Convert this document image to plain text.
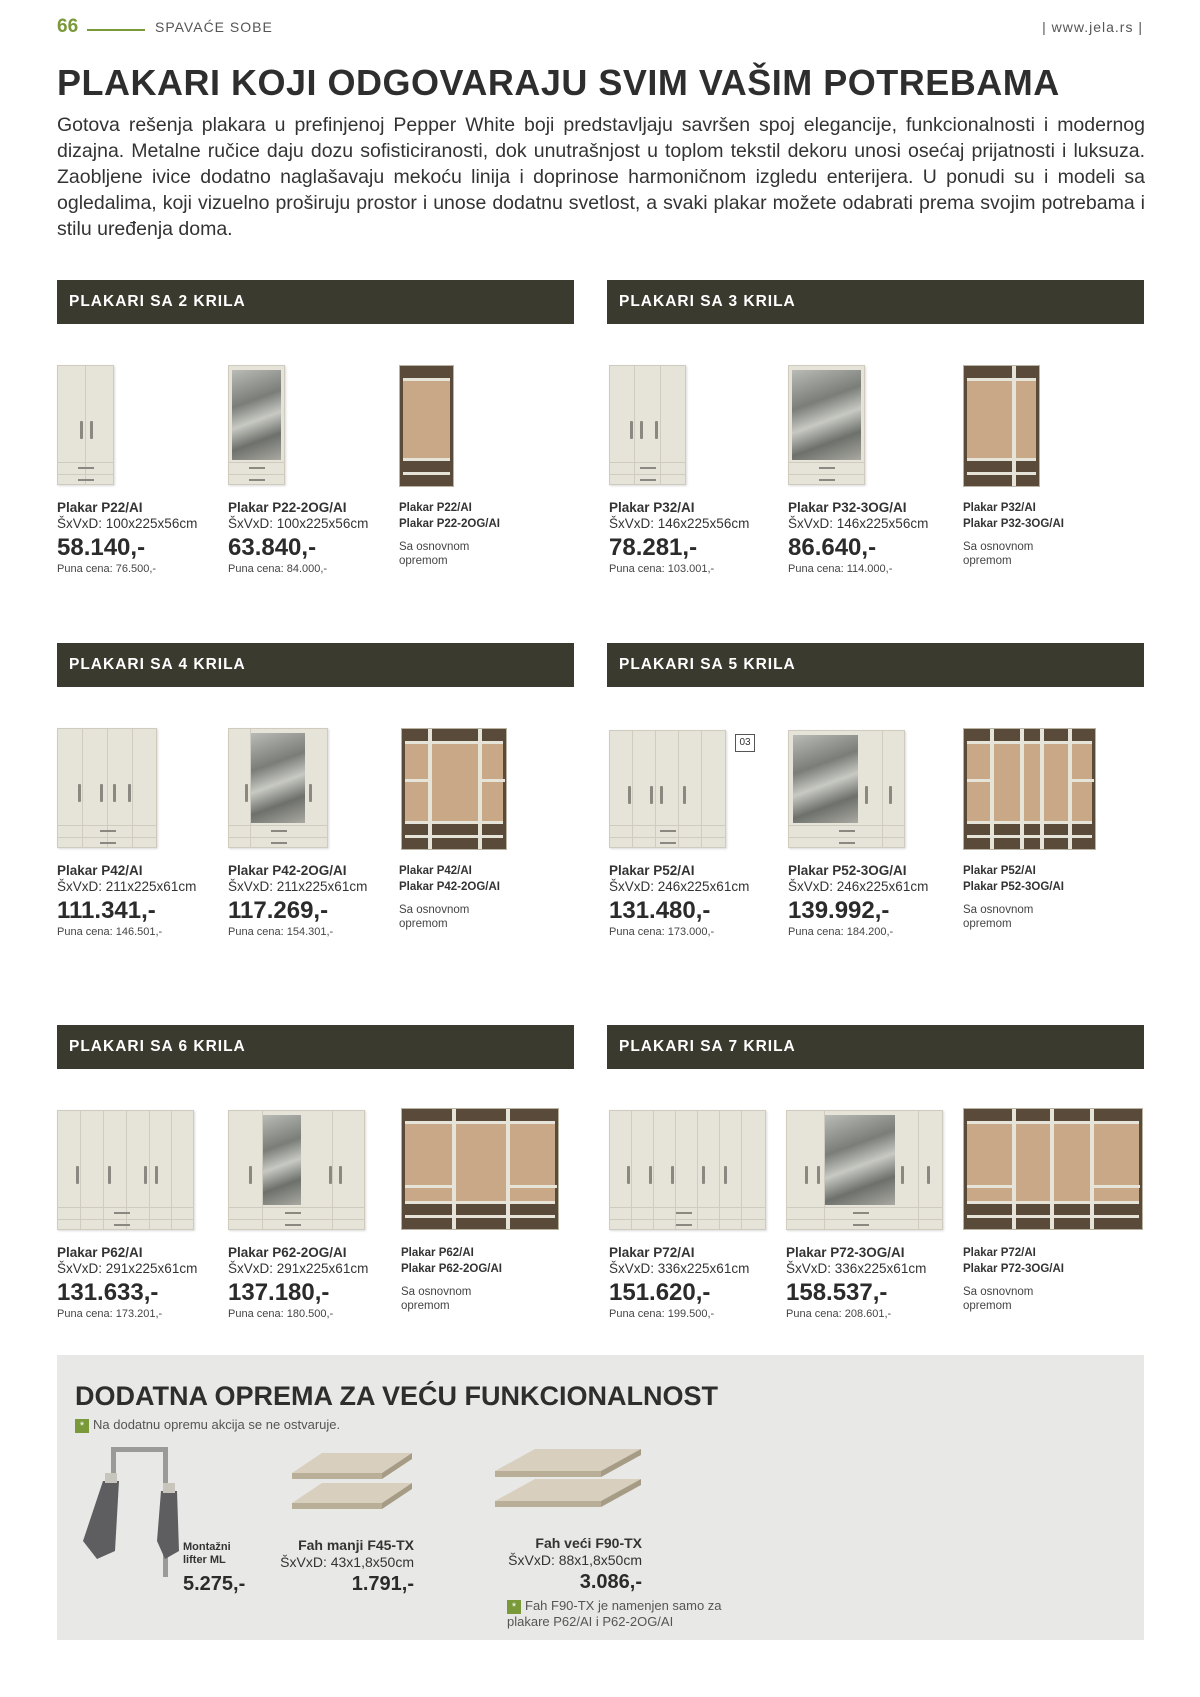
66	SPAVAĆE SOBE	| www.jela.rs |
PLAKARI KOJI ODGOVARAJU SVIM VAŠIM POTREBAMA

Gotova rešenja plakara u prefinjenoj Pepper White boji predstavljaju savršen spoj elegancije, funkcionalnosti i modernog dizajna. Metalne ručice daju dozu sofisticiranosti, dok unutrašnjost u toplom tekstil dekoru unosi osećaj prijatnosti i luksuza. Zaobljene ivice dodatno naglašavaju mekoću linija i doprinose harmoničnom izgledu enterijera. U ponudi su i modeli sa ogledalima, koji vizuelno proširuju prostor i unose dodatnu svetlost, a svaki plakar možete odabrati prema svojim potrebama i stilu uređenja doma.

PLAKARI SA 2 KRILA
Plakar P22/AI
ŠxVxD: 100x225x56cm
58.140,-
Puna cena: 76.500,-
Plakar P22-2OG/AI
ŠxVxD: 100x225x56cm
63.840,-
Puna cena: 84.000,-
Plakar P22/AI
Plakar P22-2OG/AI
Sa osnovnom opremom
PLAKARI SA 3 KRILA
Plakar P32/AI
ŠxVxD: 146x225x56cm
78.281,-
Puna cena: 103.001,-
Plakar P32-3OG/AI
ŠxVxD: 146x225x56cm
86.640,-
Puna cena: 114.000,-
Plakar P32/AI
Plakar P32-3OG/AI
Sa osnovnom opremom
PLAKARI SA 4 KRILA
Plakar P42/AI
ŠxVxD: 211x225x61cm
111.341,-
Puna cena: 146.501,-
Plakar P42-2OG/AI
ŠxVxD: 211x225x61cm
117.269,-
Puna cena: 154.301,-
Plakar P42/AI
Plakar P42-2OG/AI
Sa osnovnom opremom
PLAKARI SA 5 KRILA
03
Plakar P52/AI
ŠxVxD: 246x225x61cm
131.480,-
Puna cena: 173.000,-
Plakar P52-3OG/AI
ŠxVxD: 246x225x61cm
139.992,-
Puna cena: 184.200,-
Plakar P52/AI
Plakar P52-3OG/AI
Sa osnovnom opremom
PLAKARI SA 6 KRILA
Plakar P62/AI
ŠxVxD: 291x225x61cm
131.633,-
Puna cena: 173.201,-
Plakar P62-2OG/AI
ŠxVxD: 291x225x61cm
137.180,-
Puna cena: 180.500,-
Plakar P62/AI
Plakar P62-2OG/AI
Sa osnovnom opremom
PLAKARI SA 7 KRILA
Plakar P72/AI
ŠxVxD: 336x225x61cm
151.620,-
Puna cena: 199.500,-
Plakar P72-3OG/AI
ŠxVxD: 336x225x61cm
158.537,-
Puna cena: 208.601,-
Plakar P72/AI
Plakar P72-3OG/AI
Sa osnovnom opremom
DODATNA OPREMA ZA VEĆU FUNKCIONALNOST
* Na dodatnu opremu akcija se ne ostvaruje.
Montažni lifter ML
5.275,-
Fah manji F45-TX
ŠxVxD: 43x1,8x50cm
1.791,-
Fah veći F90-TX
ŠxVxD: 88x1,8x50cm
3.086,-
* Fah F90-TX je namenjen samo za plakare P62/AI i P62-2OG/AI
